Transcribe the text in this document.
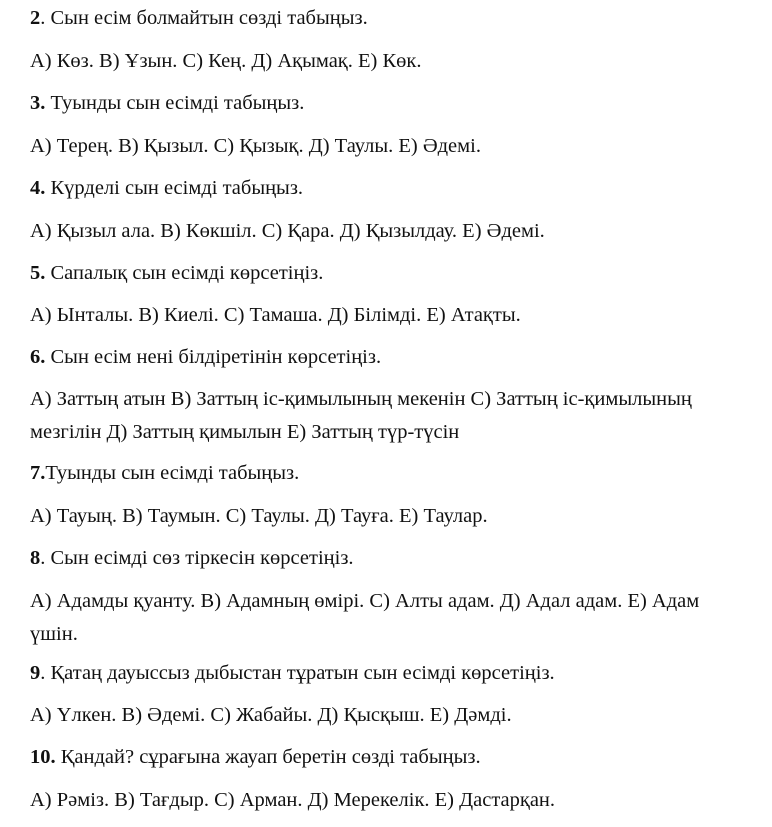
2. Сын есім болмайтын сөзді табыңыз.
А) Көз. В) Ұзын. С) Кең. Д) Ақымақ. Е) Көк.
3. Туынды сын есімді табыңыз.
А) Терең. В) Қызыл. С) Қызық. Д) Таулы. Е) Әдемі.
4. Күрделі сын есімді табыңыз.
А) Қызыл ала. В) Көкшіл. С) Қара. Д) Қызылдау. Е) Әдемі.
5. Сапалық сын есімді көрсетіңіз.
А) Ынталы. В) Киелі. С) Тамаша. Д) Білімді. Е) Атақты.
6. Сын есім нені білдіретінін көрсетіңіз.
А) Заттың атын В) Заттың іс-қимылының мекенін С) Заттың іс-қимылының мезгілін Д) Заттың қимылын Е) Заттың түр-түсін
7.Туынды сын есімді табыңыз.
А) Тауың. В) Таумын. С) Таулы. Д) Тауға. Е) Таулар.
8. Сын есімді сөз тіркесін көрсетіңіз.
А) Адамды қуанту. В) Адамның өмірі. С) Алты адам. Д) Адал адам. Е) Адам үшін.
9. Қатаң дауыссыз дыбыстан тұратын сын есімді көрсетіңіз.
А) Үлкен. В) Әдемі. С) Жабайы. Д) Қысқыш. Е) Дәмді.
10. Қандай? сұрағына жауап беретін сөзді табыңыз.
А) Рәміз. В) Тағдыр. С) Арман. Д) Мерекелік. Е) Дастарқан.
